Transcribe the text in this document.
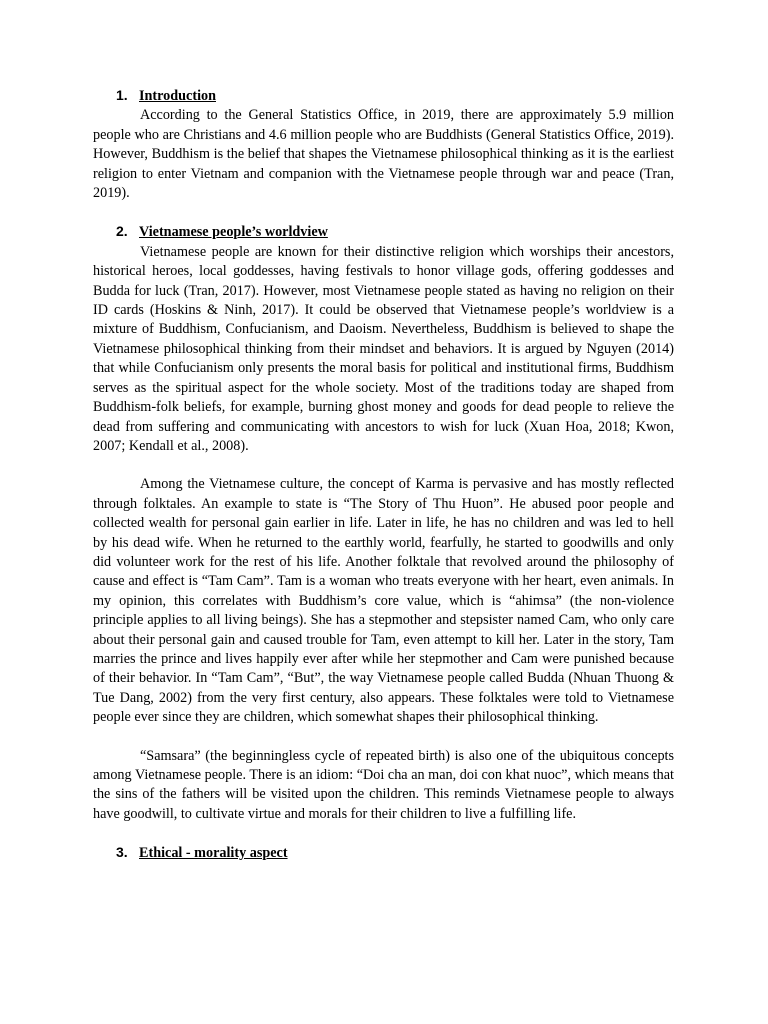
1. Introduction

According to the General Statistics Office, in 2019, there are approximately 5.9 million people who are Christians and 4.6 million people who are Buddhists (General Statistics Office, 2019). However, Buddhism is the belief that shapes the Vietnamese philosophical thinking as it is the earliest religion to enter Vietnam and companion with the Vietnamese people through war and peace (Tran, 2019).

2. Vietnamese people’s worldview

Vietnamese people are known for their distinctive religion which worships their ancestors, historical heroes, local goddesses, having festivals to honor village gods, offering goddesses and Budda for luck (Tran, 2017). However, most Vietnamese people stated as having no religion on their ID cards (Hoskins & Ninh, 2017). It could be observed that Vietnamese people’s worldview is a mixture of Buddhism, Confucianism, and Daoism. Nevertheless, Buddhism is believed to shape the Vietnamese philosophical thinking from their mindset and behaviors. It is argued by Nguyen (2014) that while Confucianism only presents the moral basis for political and institutional firms, Buddhism serves as the spiritual aspect for the whole society. Most of the traditions today are shaped from Buddhism-folk beliefs, for example, burning ghost money and goods for dead people to relieve the dead from suffering and communicating with ancestors to wish for luck (Xuan Hoa, 2018; Kwon, 2007; Kendall et al., 2008).

Among the Vietnamese culture, the concept of Karma is pervasive and has mostly reflected through folktales. An example to state is “The Story of Thu Huon”. He abused poor people and collected wealth for personal gain earlier in life. Later in life, he has no children and was led to hell by his dead wife. When he returned to the earthly world, fearfully, he started to goodwills and only did volunteer work for the rest of his life. Another folktale that revolved around the philosophy of cause and effect is “Tam Cam”. Tam is a woman who treats everyone with her heart, even animals. In my opinion, this correlates with Buddhism’s core value, which is “ahimsa” (the non-violence principle applies to all living beings). She has a stepmother and stepsister named Cam, who only care about their personal gain and caused trouble for Tam, even attempt to kill her. Later in the story, Tam marries the prince and lives happily ever after while her stepmother and Cam were punished because of their behavior. In “Tam Cam”, “But”, the way Vietnamese people called Budda (Nhuan Thuong & Tue Dang, 2002) from the very first century, also appears. These folktales were told to Vietnamese people ever since they are children, which somewhat shapes their philosophical thinking.

“Samsara” (the beginningless cycle of repeated birth) is also one of the ubiquitous concepts among Vietnamese people. There is an idiom: “Doi cha an man, doi con khat nuoc”, which means that the sins of the fathers will be visited upon the children. This reminds Vietnamese people to always have goodwill, to cultivate virtue and morals for their children to live a fulfilling life.

3. Ethical - morality aspect
